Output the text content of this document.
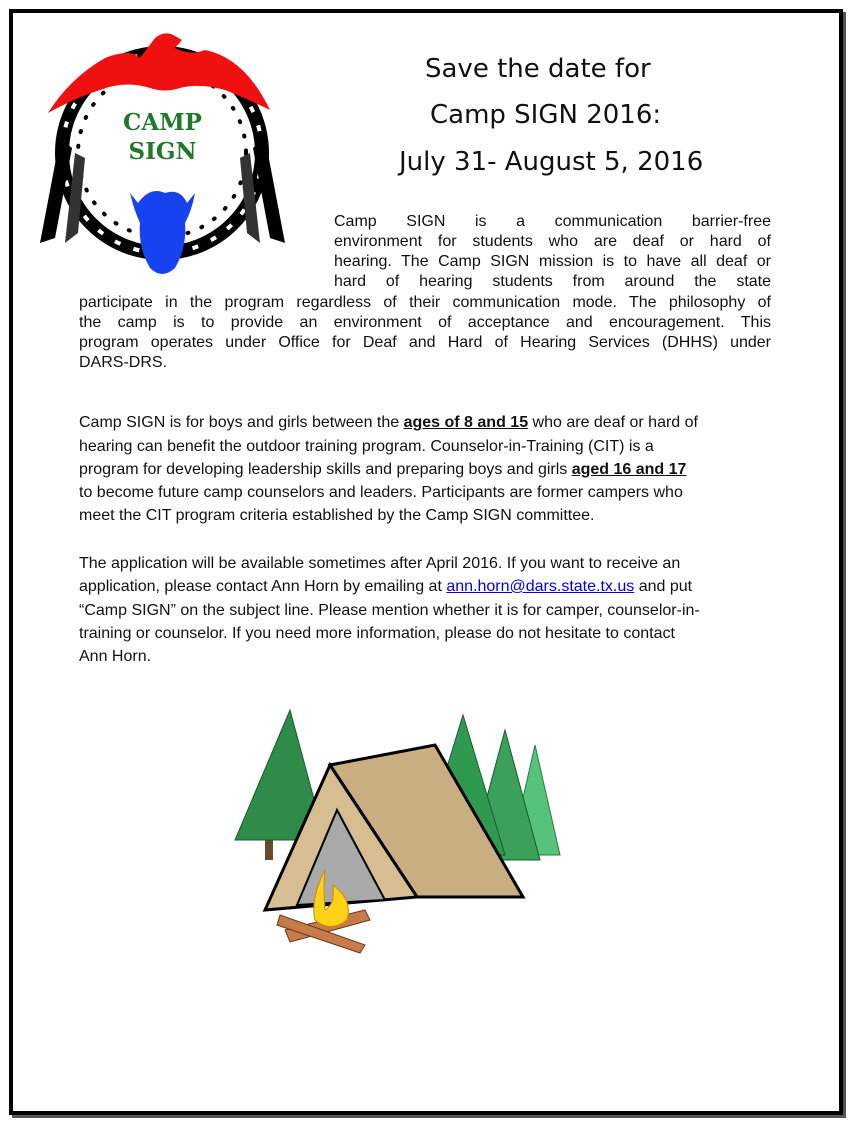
CAMP
SIGN
Save the date for
Camp SIGN 2016:
July 31- August 5, 2016
Camp SIGN is a communication barrier-free
environment for students who are deaf or hard of
hearing. The Camp SIGN mission is to have all deaf or
hard of hearing students from around the state
participate in the program regardless of their communication mode. The philosophy of
the camp is to provide an environment of acceptance and encouragement. This
program operates under Office for Deaf and Hard of Hearing Services (DHHS) under
DARS-DRS.
Camp SIGN is for boys and girls between the ages of 8 and 15 who are deaf or hard of
hearing can benefit the outdoor training program. Counselor-in-Training (CIT) is a
program for developing leadership skills and preparing boys and girls aged 16 and 17
to become future camp counselors and leaders. Participants are former campers who
meet the CIT program criteria established by the Camp SIGN committee.
The application will be available sometimes after April 2016. If you want to receive an
application, please contact Ann Horn by emailing at ann.horn@dars.state.tx.us and put
“Camp SIGN” on the subject line. Please mention whether it is for camper, counselor-in-
training or counselor. If you need more information, please do not hesitate to contact
Ann Horn.
